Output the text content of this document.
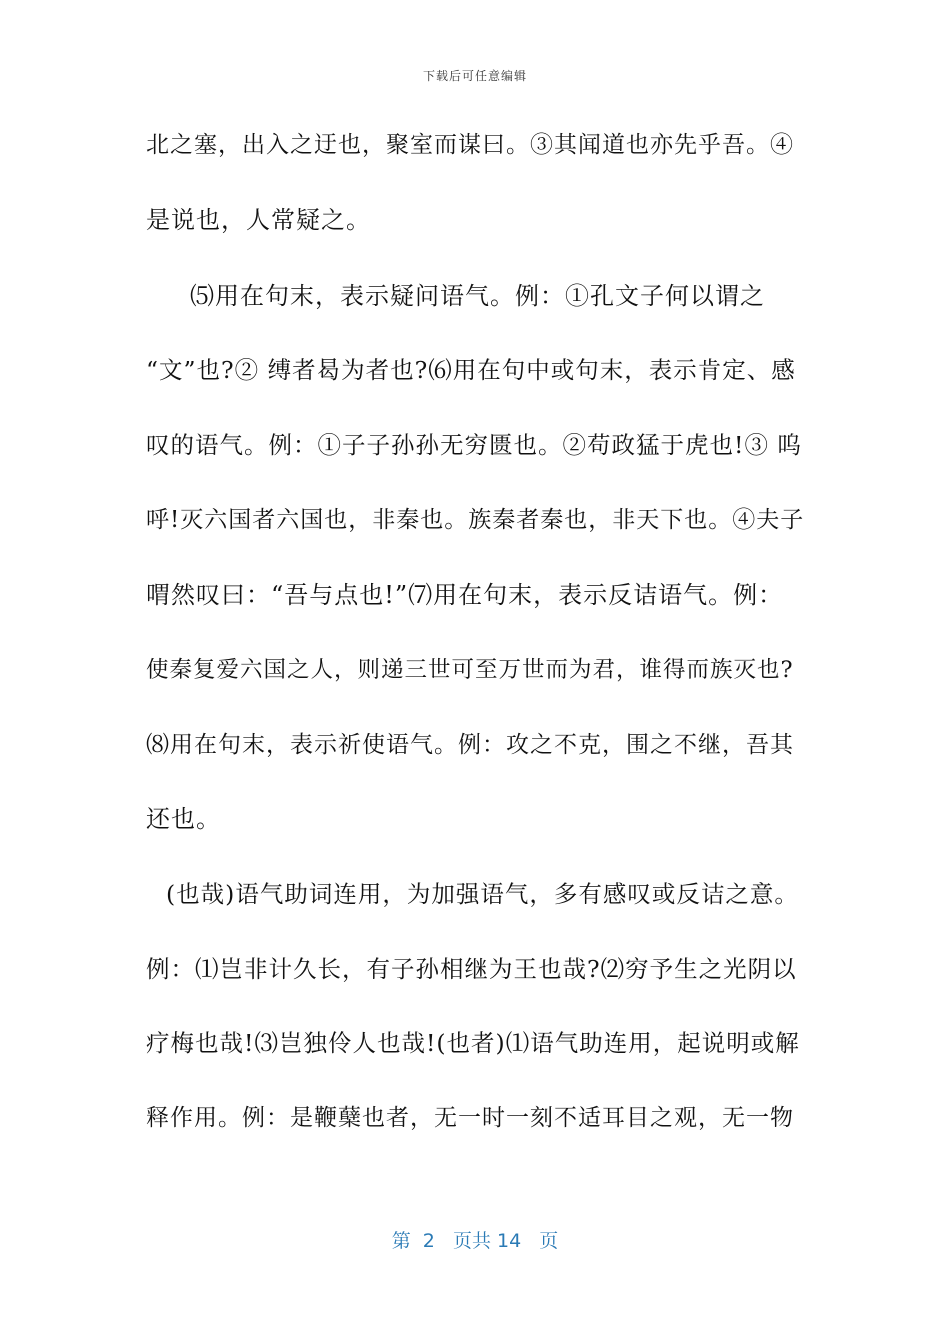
下载后可任意编辑
北之塞，出入之迂也，聚室而谋曰。③其闻道也亦先乎吾。④
是说也，人常疑之。
⑸用在句末，表示疑问语气。例：①孔文子何以谓之
“文”也?② 缚者曷为者也?⑹用在句中或句末，表示肯定、感
叹的语气。例：①子子孙孙无穷匮也。②苟政猛于虎也!③ 呜
呼!灭六国者六国也，非秦也。族秦者秦也，非天下也。④夫子
喟然叹曰：“吾与点也!”⑺用在句末，表示反诘语气。例：
使秦复爱六国之人，则递三世可至万世而为君，谁得而族灭也?
⑻用在句末，表示祈使语气。例：攻之不克，围之不继，吾其
还也。
(也哉)语气助词连用，为加强语气，多有感叹或反诘之意。
例：⑴岂非计久长，有子孙相继为王也哉?⑵穷予生之光阴以
疗梅也哉!⑶岂独伶人也哉!(也者)⑴语气助连用，起说明或解
释作用。例：是鞭蘖也者，无一时一刻不适耳目之观，无一物
第  2   页共 14   页
